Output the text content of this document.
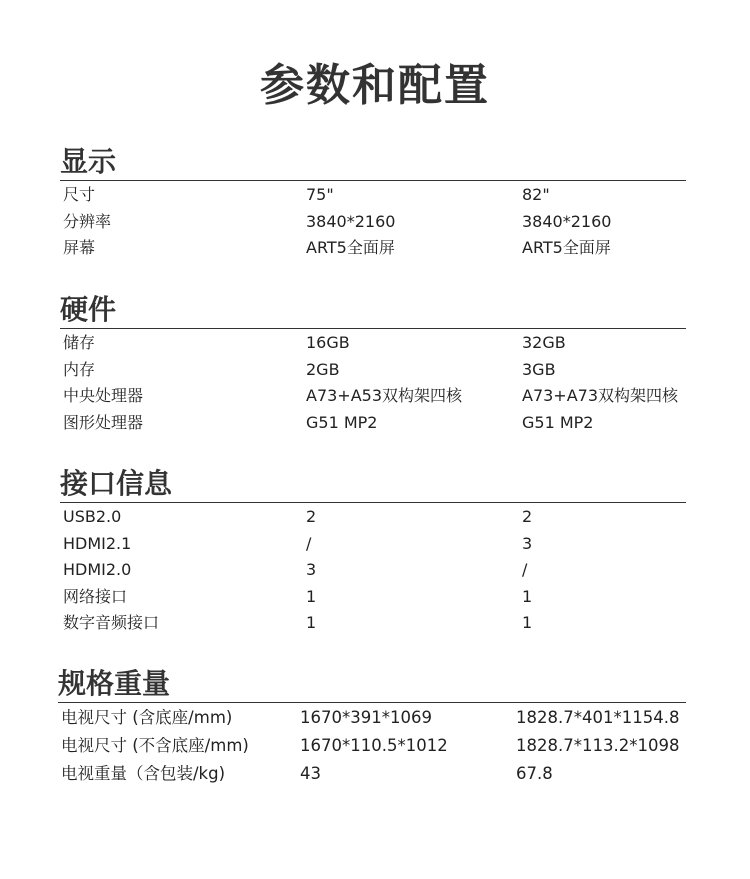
参数和配置
显示
尺寸	75"	82"
分辨率	3840*2160	3840*2160
屏幕	ART5全面屏	ART5全面屏
硬件
储存	16GB	32GB
内存	2GB	3GB
中央处理器	A73+A53双构架四核	A73+A73双构架四核
图形处理器	G51 MP2	G51 MP2
接口信息
USB2.0	2	2
HDMI2.1	/	3
HDMI2.0	3	/
网络接口	1	1
数字音频接口	1	1
规格重量
电视尺寸 (含底座/mm)	1670*391*1069	1828.7*401*1154.8
电视尺寸 (不含底座/mm)	1670*110.5*1012	1828.7*113.2*1098
电视重量（含包装/kg)	43	67.8
